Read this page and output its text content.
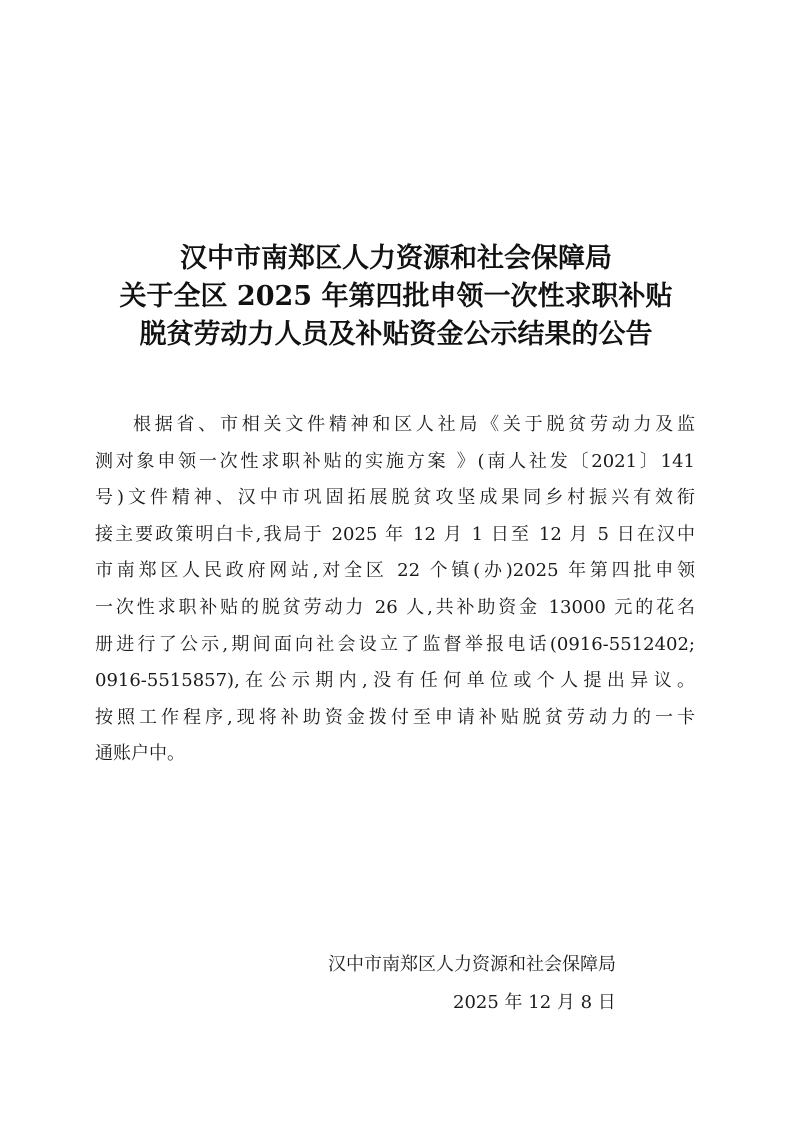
汉中市南郑区人力资源和社会保障局
关于全区 2025 年第四批申领一次性求职补贴
脱贫劳动力人员及补贴资金公示结果的公告
根据省、市相关文件精神和区人社局《关于脱贫劳动力及监
测对象申领一次性求职补贴的实施方案 》(南人社发〔2021〕141
号)文件精神、汉中市巩固拓展脱贫攻坚成果同乡村振兴有效衔
接主要政策明白卡,我局于 2025 年 12 月 1 日至 12 月 5 日在汉中
市南郑区人民政府网站,对全区 22 个镇(办)2025 年第四批申领
一次性求职补贴的脱贫劳动力 26 人,共补助资金 13000 元的花名
册进行了公示,期间面向社会设立了监督举报电话(0916-5512402;
0916-5515857),在公示期内,没有任何单位或个人提出异议。
按照工作程序,现将补助资金拨付至申请补贴脱贫劳动力的一卡
通账户中。
汉中市南郑区人力资源和社会保障局
2025 年 12 月 8 日
